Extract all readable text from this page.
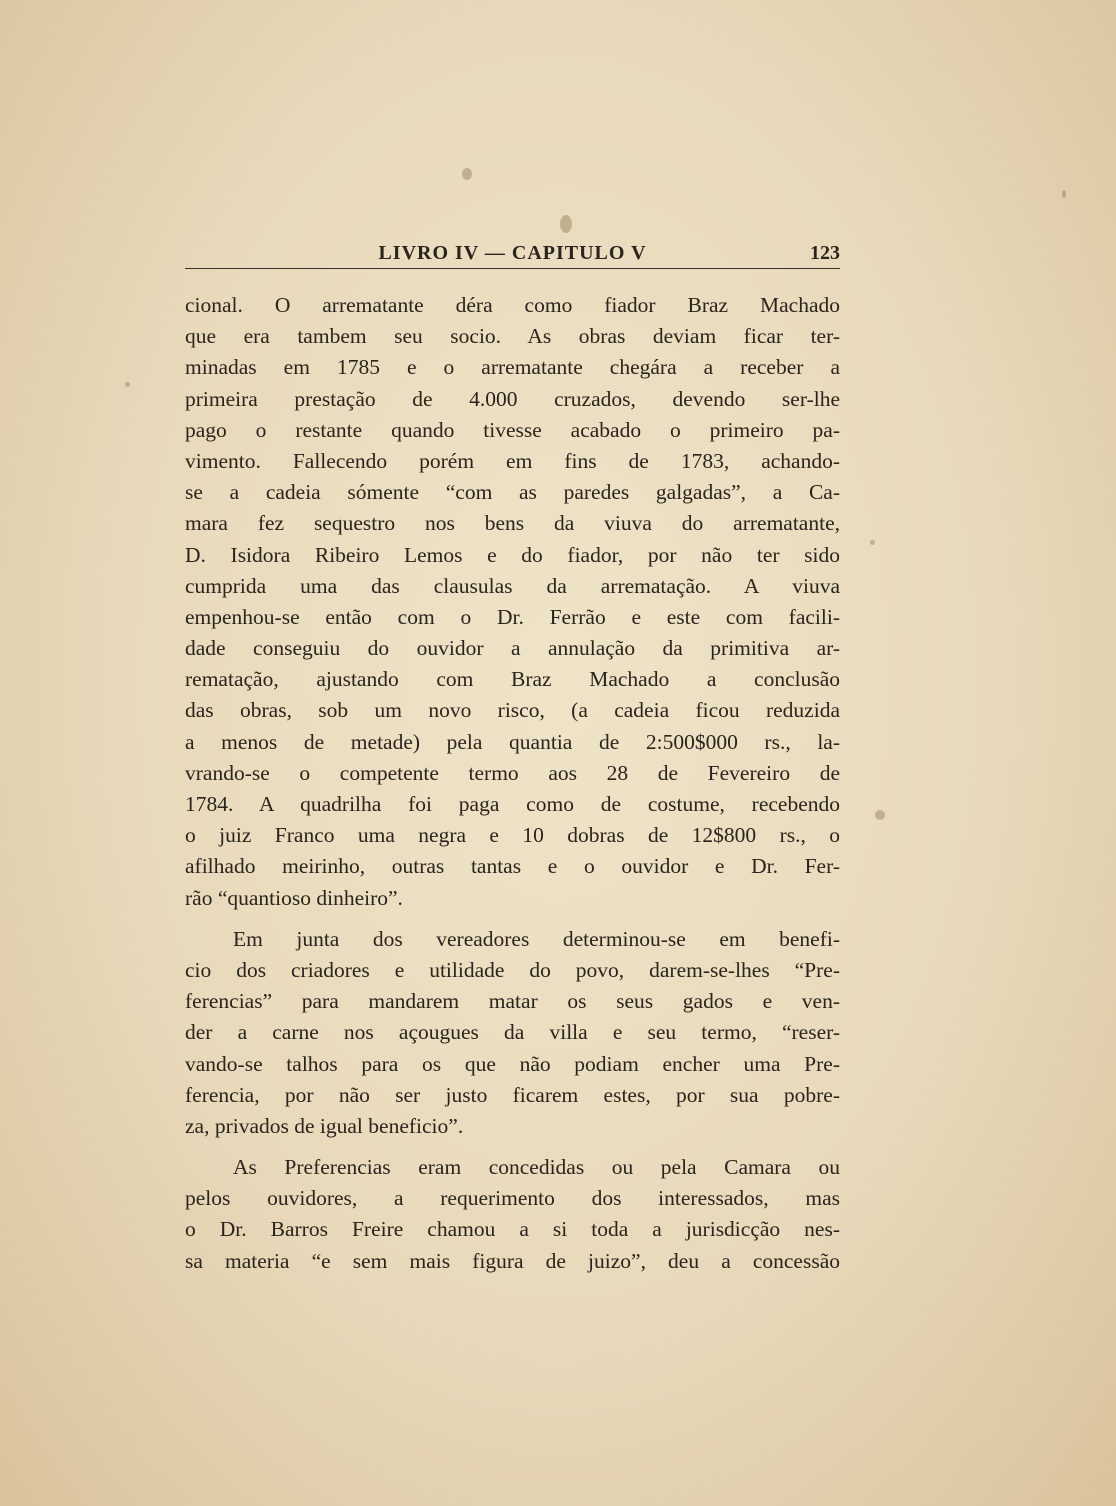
LIVRO IV — CAPITULO V	123
cional. O arrematante déra como fiador Braz Machado
que era tambem seu socio. As obras deviam ficar ter-
minadas em 1785 e o arrematante chegára a receber a
primeira prestação de 4.000 cruzados, devendo ser-lhe
pago o restante quando tivesse acabado o primeiro pa-
vimento. Fallecendo porém em fins de 1783, achando-
se a cadeia sómente “com as paredes galgadas”, a Ca-
mara fez sequestro nos bens da viuva do arrematante,
D. Isidora Ribeiro Lemos e do fiador, por não ter sido
cumprida uma das clausulas da arrematação. A viuva
empenhou-se então com o Dr. Ferrão e este com facili-
dade conseguiu do ouvidor a annulação da primitiva ar-
rematação, ajustando com Braz Machado a conclusão
das obras, sob um novo risco, (a cadeia ficou reduzida
a menos de metade) pela quantia de 2:500$000 rs., la-
vrando-se o competente termo aos 28 de Fevereiro de
1784. A quadrilha foi paga como de costume, recebendo
o juiz Franco uma negra e 10 dobras de 12$800 rs., o
afilhado meirinho, outras tantas e o ouvidor e Dr. Fer-
rão “quantioso dinheiro”.
Em junta dos vereadores determinou-se em benefi-
cio dos criadores e utilidade do povo, darem-se-lhes “Pre-
ferencias” para mandarem matar os seus gados e ven-
der a carne nos açougues da villa e seu termo, “reser-
vando-se talhos para os que não podiam encher uma Pre-
ferencia, por não ser justo ficarem estes, por sua pobre-
za, privados de igual beneficio”.
As Preferencias eram concedidas ou pela Camara ou
pelos ouvidores, a requerimento dos interessados, mas
o Dr. Barros Freire chamou a si toda a jurisdicção nes-
sa materia “e sem mais figura de juizo”, deu a concessão
